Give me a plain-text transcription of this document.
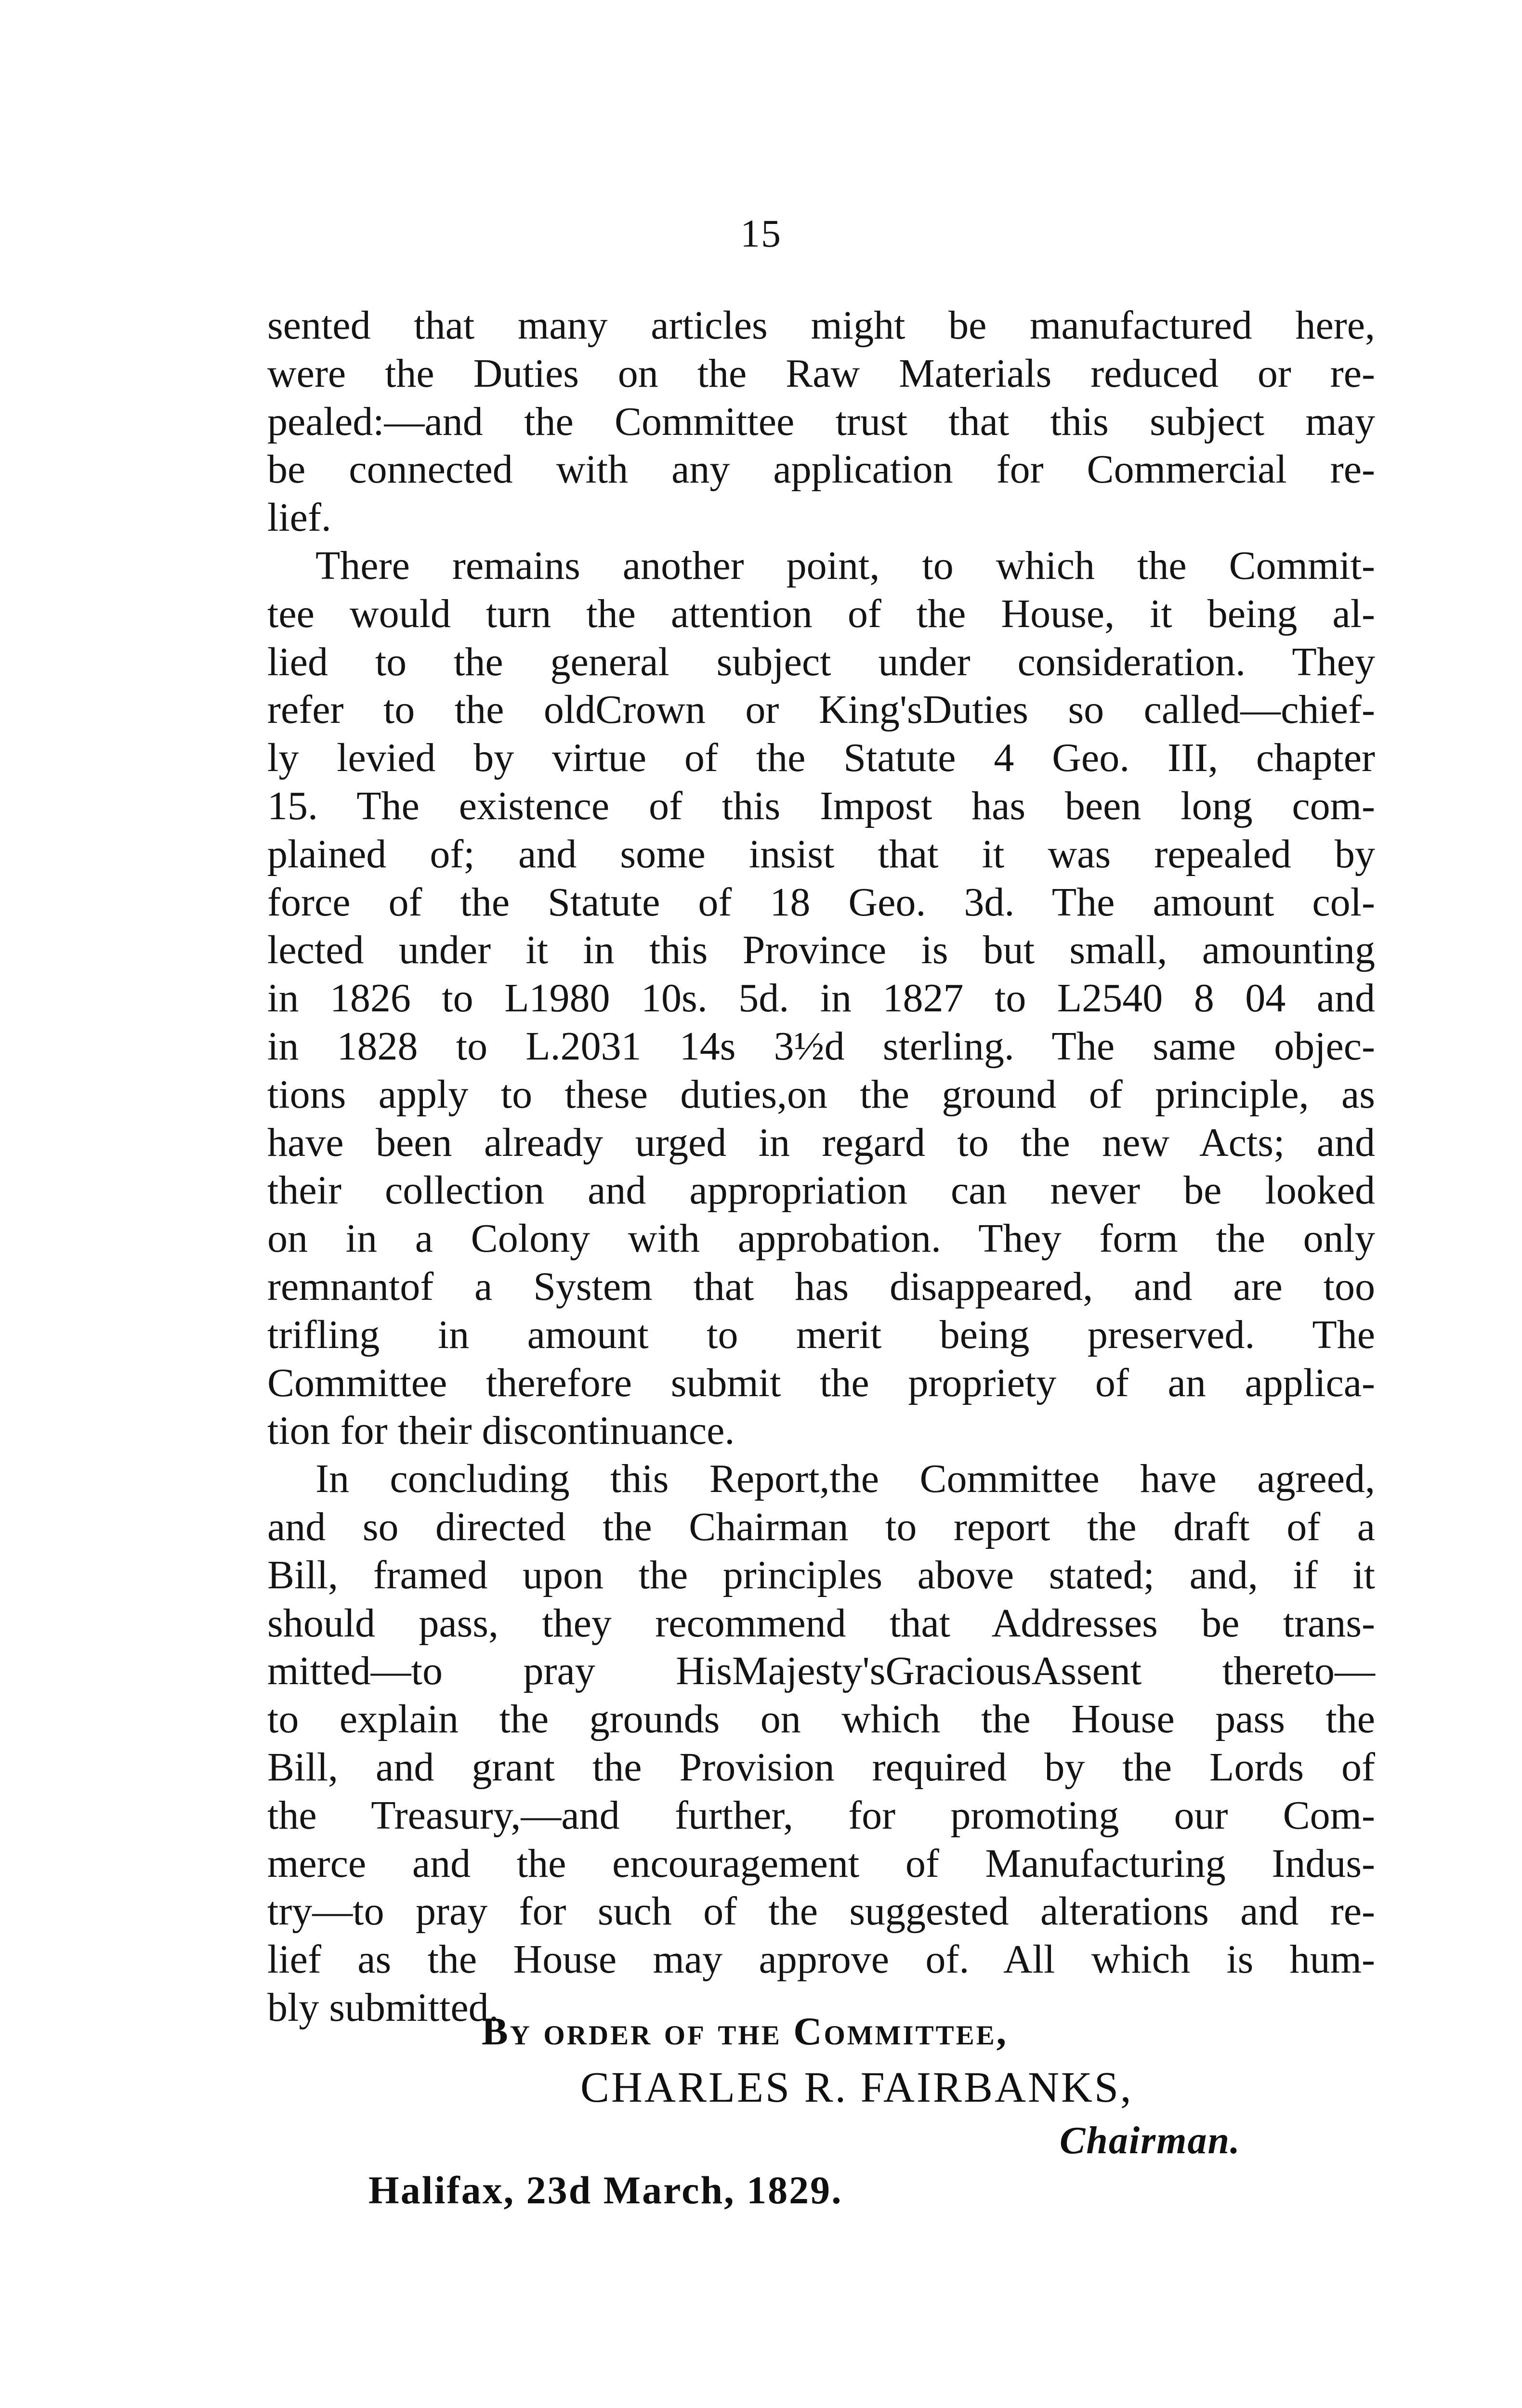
15
sented that many articles might be manufactured here,
were the Duties on the Raw Materials reduced or re-
pealed:—and the Committee trust that this subject may
be connected with any application for Commercial re-
lief.
There remains another point, to which the Commit-
tee would turn the attention of the House, it being al-
lied to the general subject under consideration. They
refer to the oldCrown or King'sDuties so called—chief-
ly levied by virtue of the Statute 4 Geo. III, chapter
15. The existence of this Impost has been long com-
plained of; and some insist that it was repealed by
force of the Statute of 18 Geo. 3d. The amount col-
lected under it in this Province is but small, amounting
in 1826 to L1980 10s. 5d. in 1827 to L2540 8 04 and
in 1828 to L.2031 14s 3½d sterling. The same objec-
tions apply to these duties,on the ground of principle, as
have been already urged in regard to the new Acts; and
their collection and appropriation can never be looked
on in a Colony with approbation. They form the only
remnantof a System that has disappeared, and are too
trifling in amount to merit being preserved. The
Committee therefore submit the propriety of an applica-
tion for their discontinuance.
In concluding this Report,the Committee have agreed,
and so directed the Chairman to report the draft of a
Bill, framed upon the principles above stated; and, if it
should pass, they recommend that Addresses be trans-
mitted—to pray HisMajesty'sGraciousAssent thereto—
to explain the grounds on which the House pass the
Bill, and grant the Provision required by the Lords of
the Treasury,—and further, for promoting our Com-
merce and the encouragement of Manufacturing Indus-
try—to pray for such of the suggested alterations and re-
lief as the House may approve of. All which is hum-
bly submitted.
By order of the Committee,
CHARLES R. FAIRBANKS,
Chairman.
Halifax, 23d March, 1829.
